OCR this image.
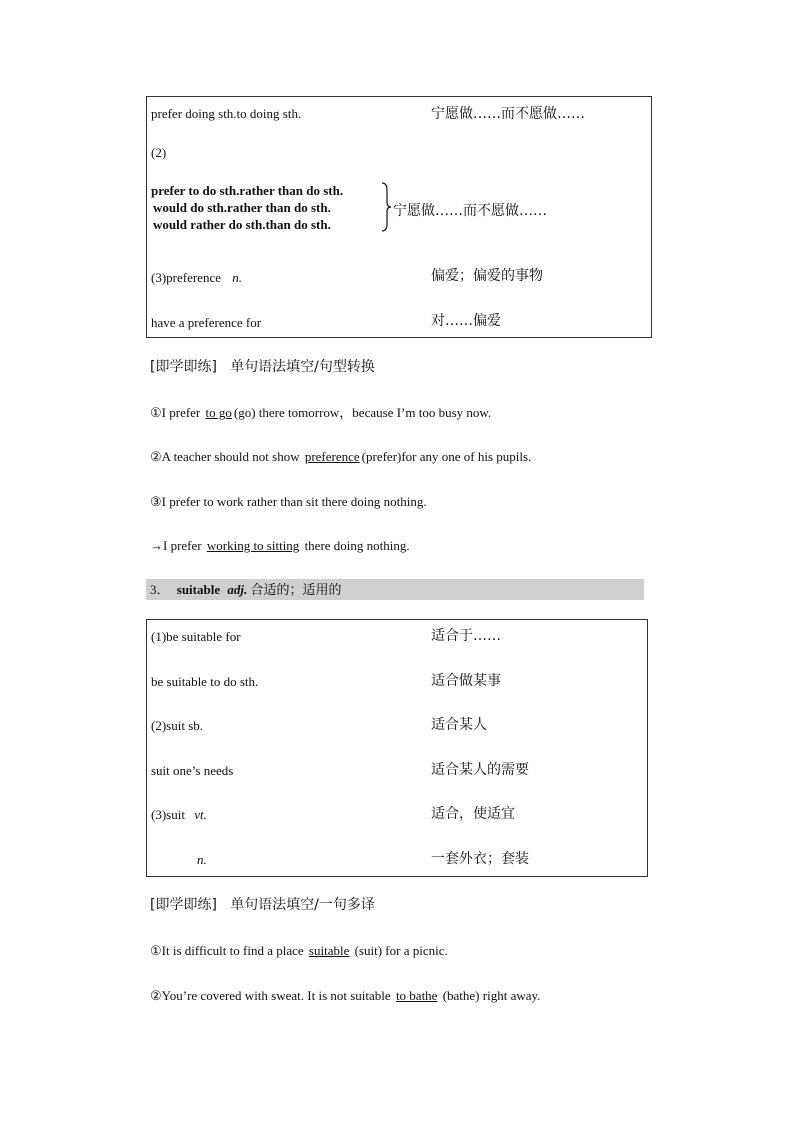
prefer doing sth.to doing sth.	宁愿做……而不愿做……
(2)
prefer to do sth.rather than do sth.
would do sth.rather than do sth.
would rather do sth.than do sth.
宁愿做……而不愿做……
(3)preference n.	偏爱；偏爱的事物
have a preference for	对……偏爱
[即学即练] 单句语法填空/句型转换
①I prefer to go (go) there tomorrow，because I’m too busy now.
②A teacher should not show preference (prefer)for any one of his pupils.
③I prefer to work rather than sit there doing nothing.
→I prefer working to sitting there doing nothing.
3． suitable adj. 合适的；适用的
(1)be suitable for	适合于……
be suitable to do sth.	适合做某事
(2)suit sb.	适合某人
suit one’s needs	适合某人的需要
(3)suit vt.	适合，使适宜
n.	一套外衣；套装
[即学即练] 单句语法填空/一句多译
①It is difficult to find a place suitable (suit) for a picnic.
②You’re covered with sweat. It is not suitable to bathe (bathe) right away.
